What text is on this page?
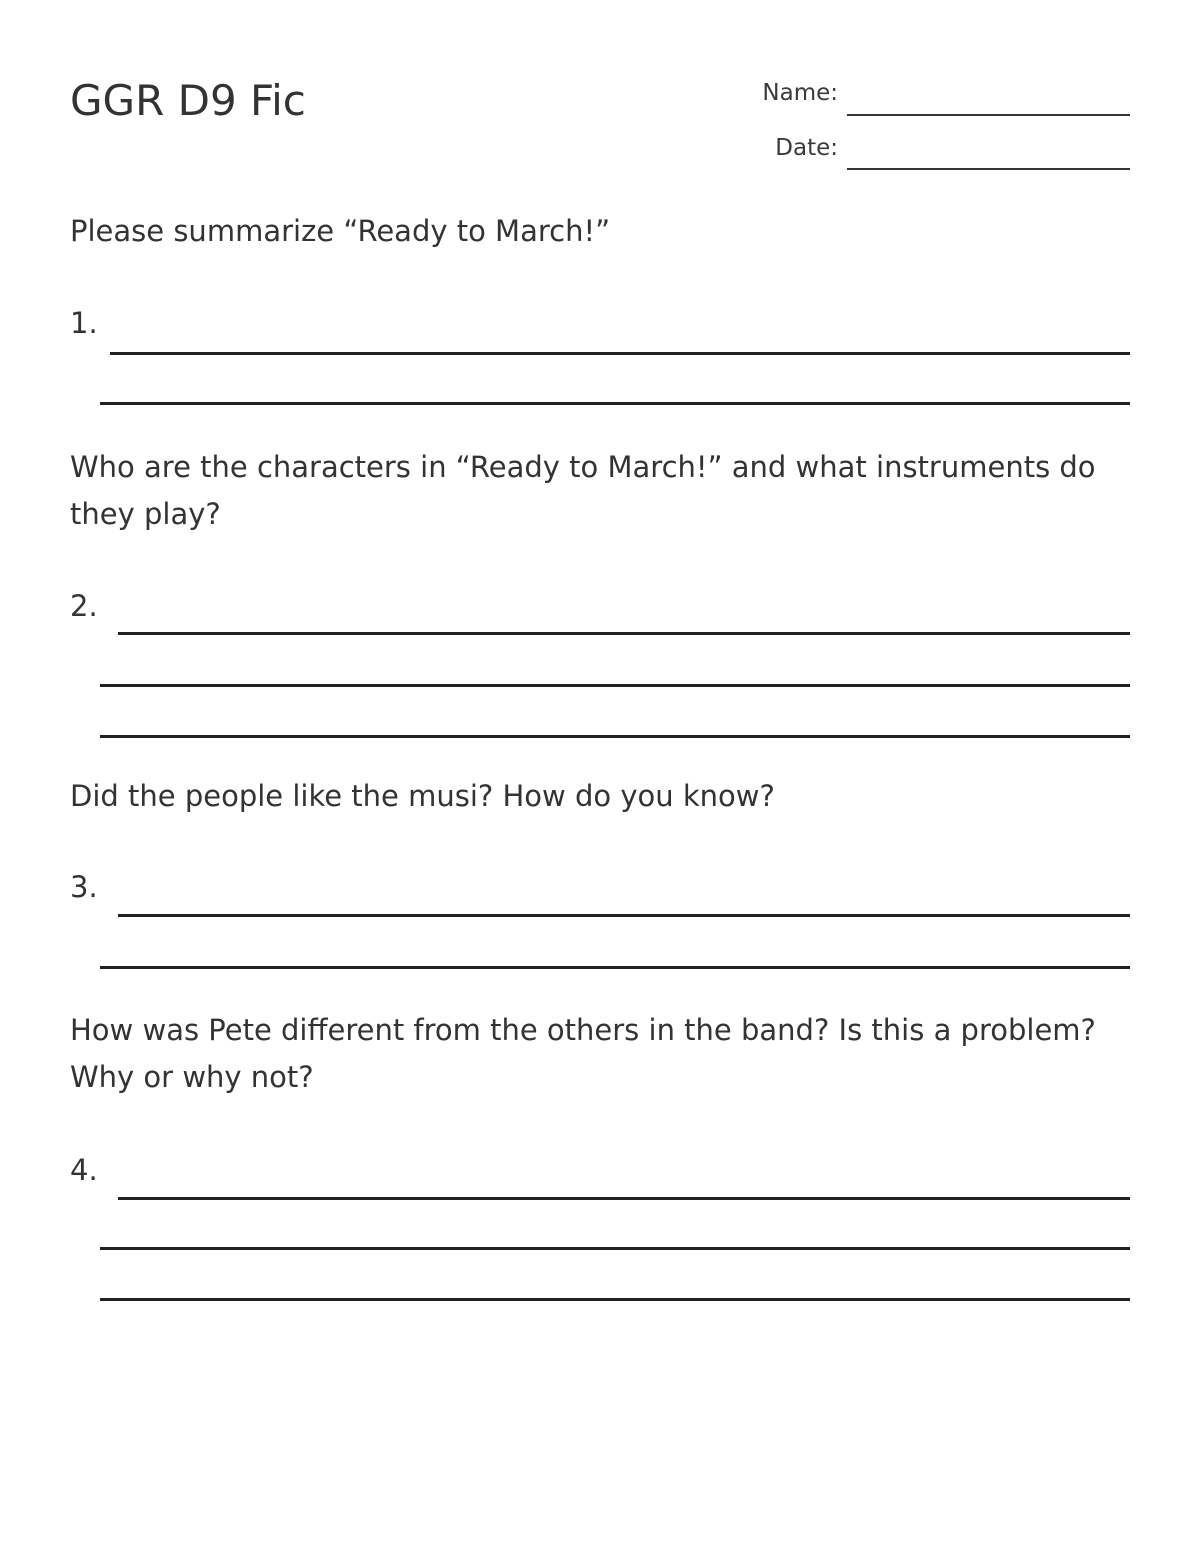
GGR D9 Fic	Name:
Date:
Please summarize “Ready to March!”
1.
Who are the characters in “Ready to March!” and what instruments do they play?
2.
Did the people like the musi? How do you know?
3.
How was Pete different from the others in the band? Is this a problem? Why or why not?
4.
